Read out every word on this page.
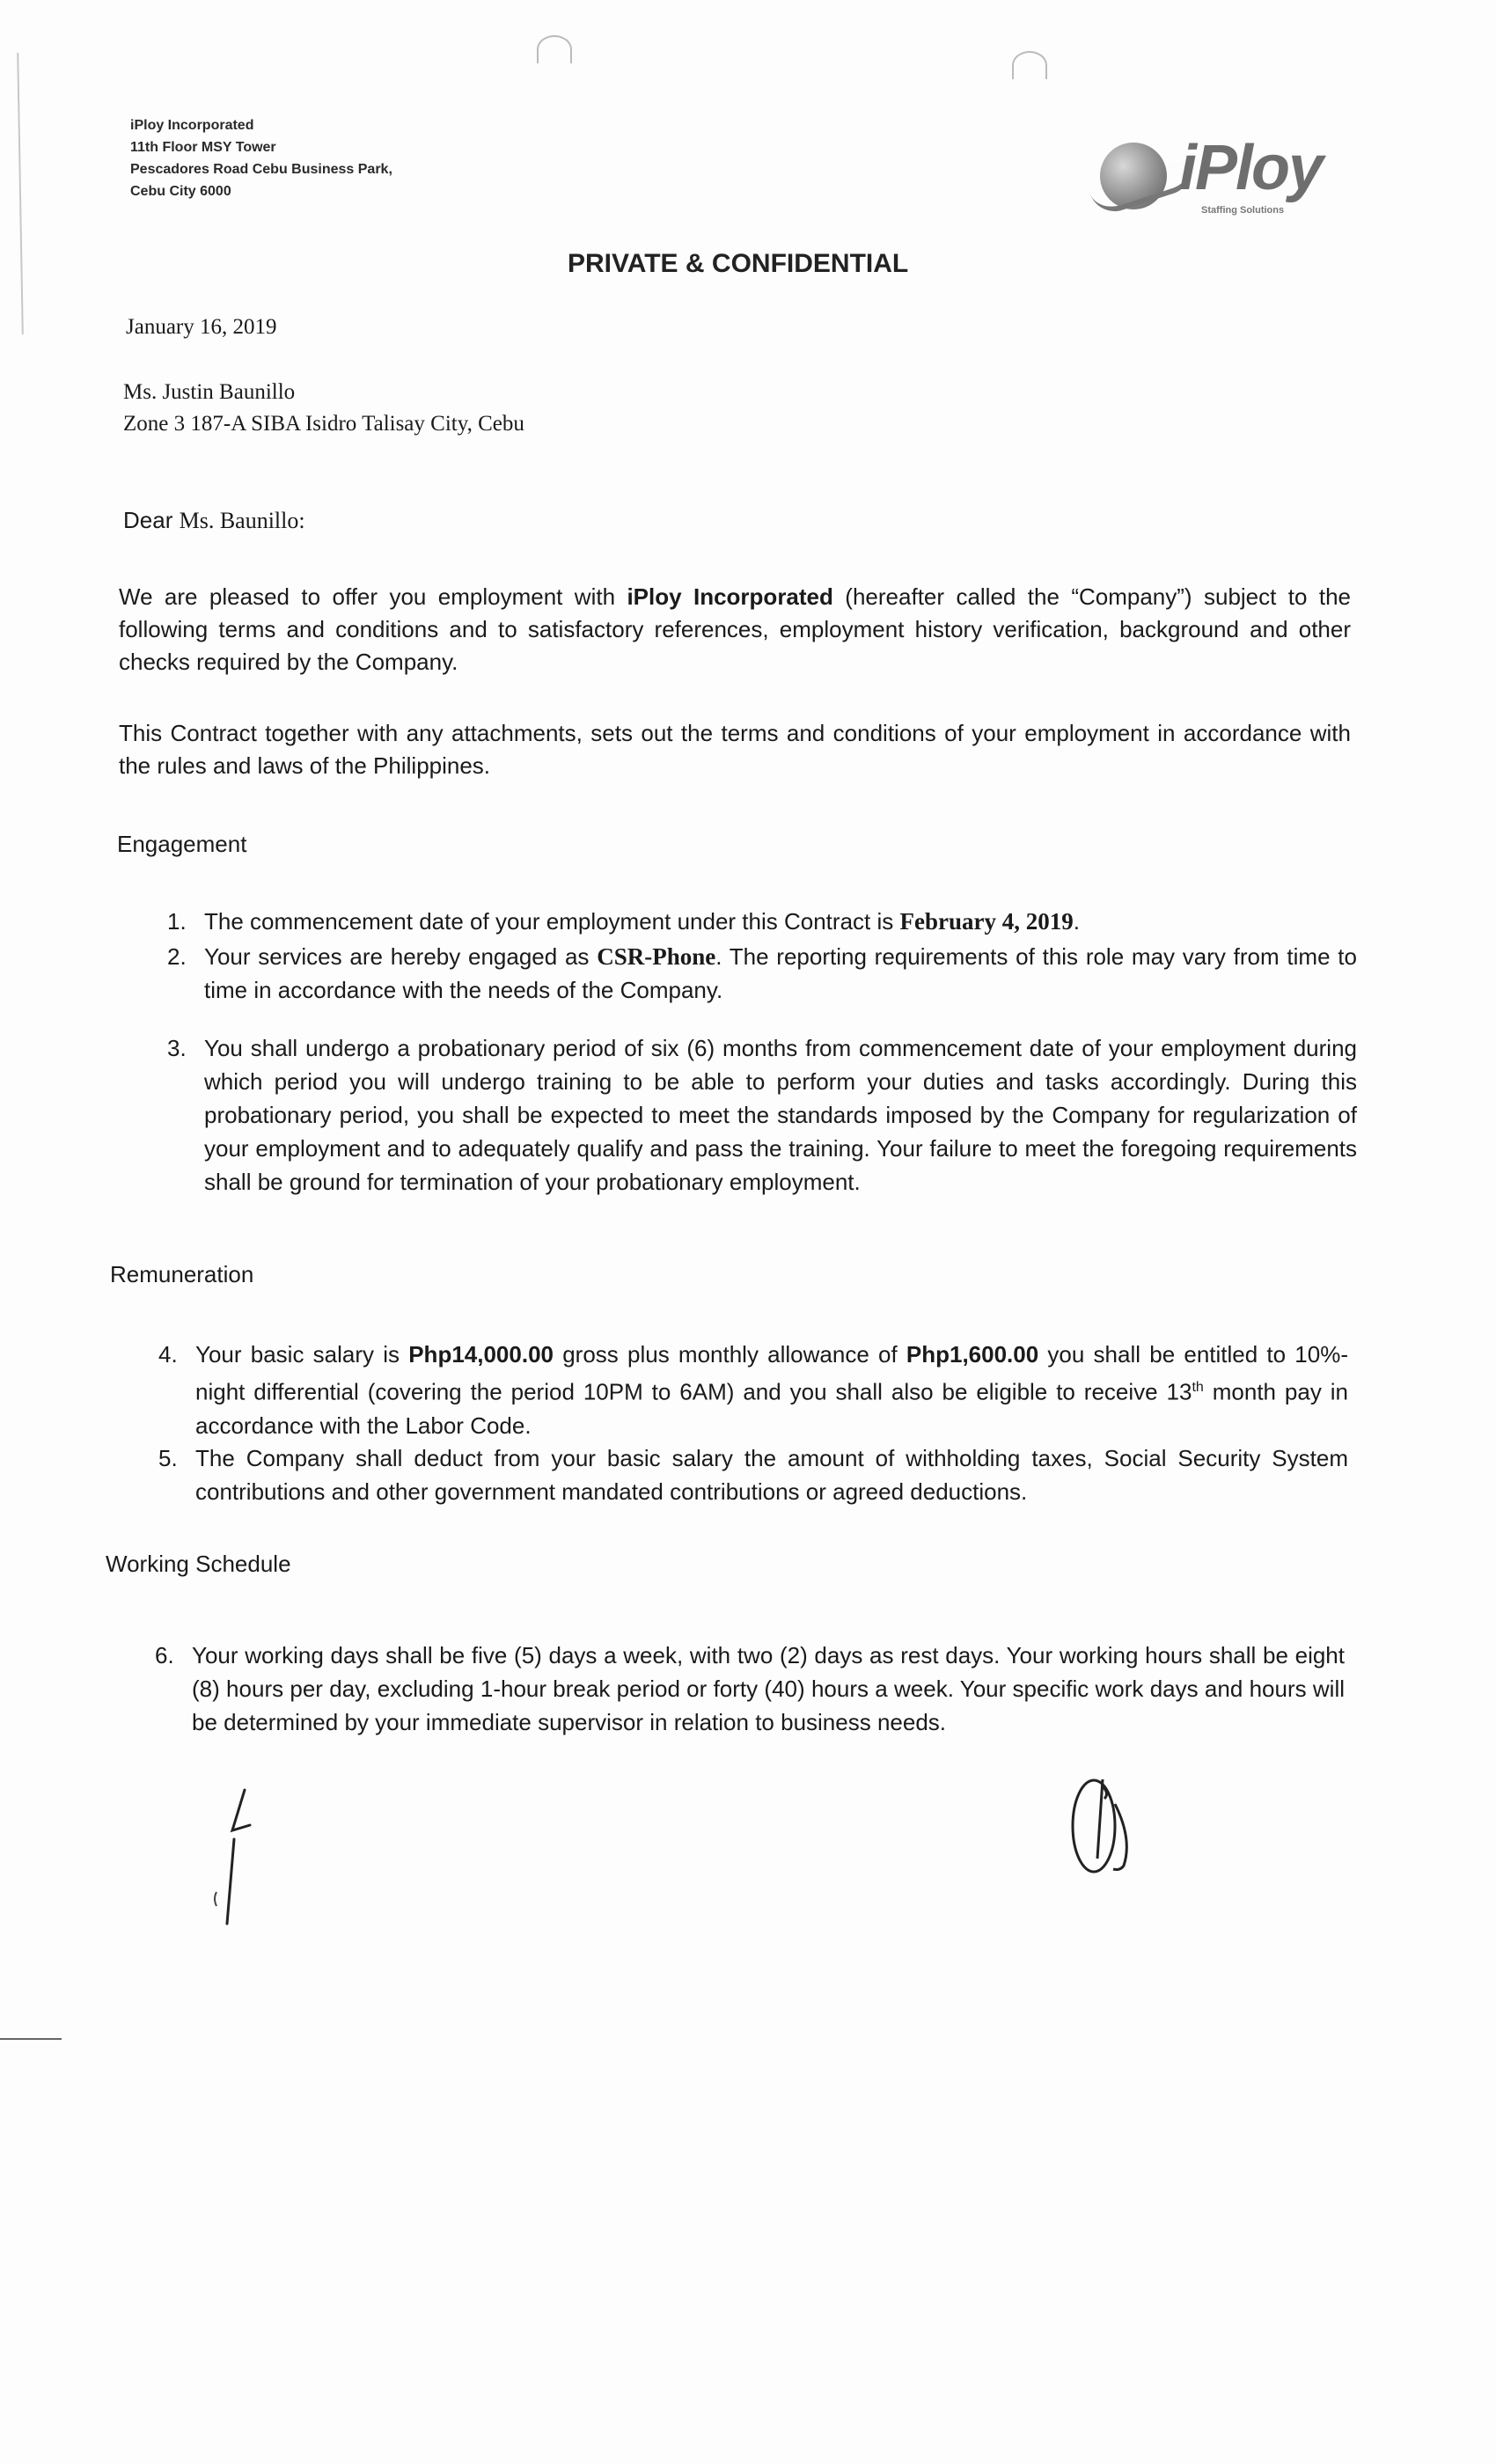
iPloy Incorporated
11th Floor MSY Tower
Pescadores Road Cebu Business Park,
Cebu City 6000	iPloy
Staffing Solutions
PRIVATE & CONFIDENTIAL
January 16, 2019
Ms. Justin Baunillo
Zone 3 187-A SIBA Isidro Talisay City, Cebu
Dear Ms. Baunillo:
We are pleased to offer you employment with iPloy Incorporated (hereafter called the “Company”) subject to the following terms and conditions and to satisfactory references, employment history verification, background and other checks required by the Company.
This Contract together with any attachments, sets out the terms and conditions of your employment in accordance with the rules and laws of the Philippines.
Engagement
1. The commencement date of your employment under this Contract is February 4, 2019.
2. Your services are hereby engaged as CSR-Phone. The reporting requirements of this role may vary from time to time in accordance with the needs of the Company.
3. You shall undergo a probationary period of six (6) months from commencement date of your employment during which period you will undergo training to be able to perform your duties and tasks accordingly. During this probationary period, you shall be expected to meet the standards imposed by the Company for regularization of your employment and to adequately qualify and pass the training. Your failure to meet the foregoing requirements shall be ground for termination of your probationary employment.
Remuneration
4. Your basic salary is Php14,000.00 gross plus monthly allowance of Php1,600.00 you shall be entitled to 10%-night differential (covering the period 10PM to 6AM) and you shall also be eligible to receive 13th month pay in accordance with the Labor Code.
5. The Company shall deduct from your basic salary the amount of withholding taxes, Social Security System contributions and other government mandated contributions or agreed deductions.
Working Schedule
6. Your working days shall be five (5) days a week, with two (2) days as rest days. Your working hours shall be eight (8) hours per day, excluding 1-hour break period or forty (40) hours a week. Your specific work days and hours will be determined by your immediate supervisor in relation to business needs.
